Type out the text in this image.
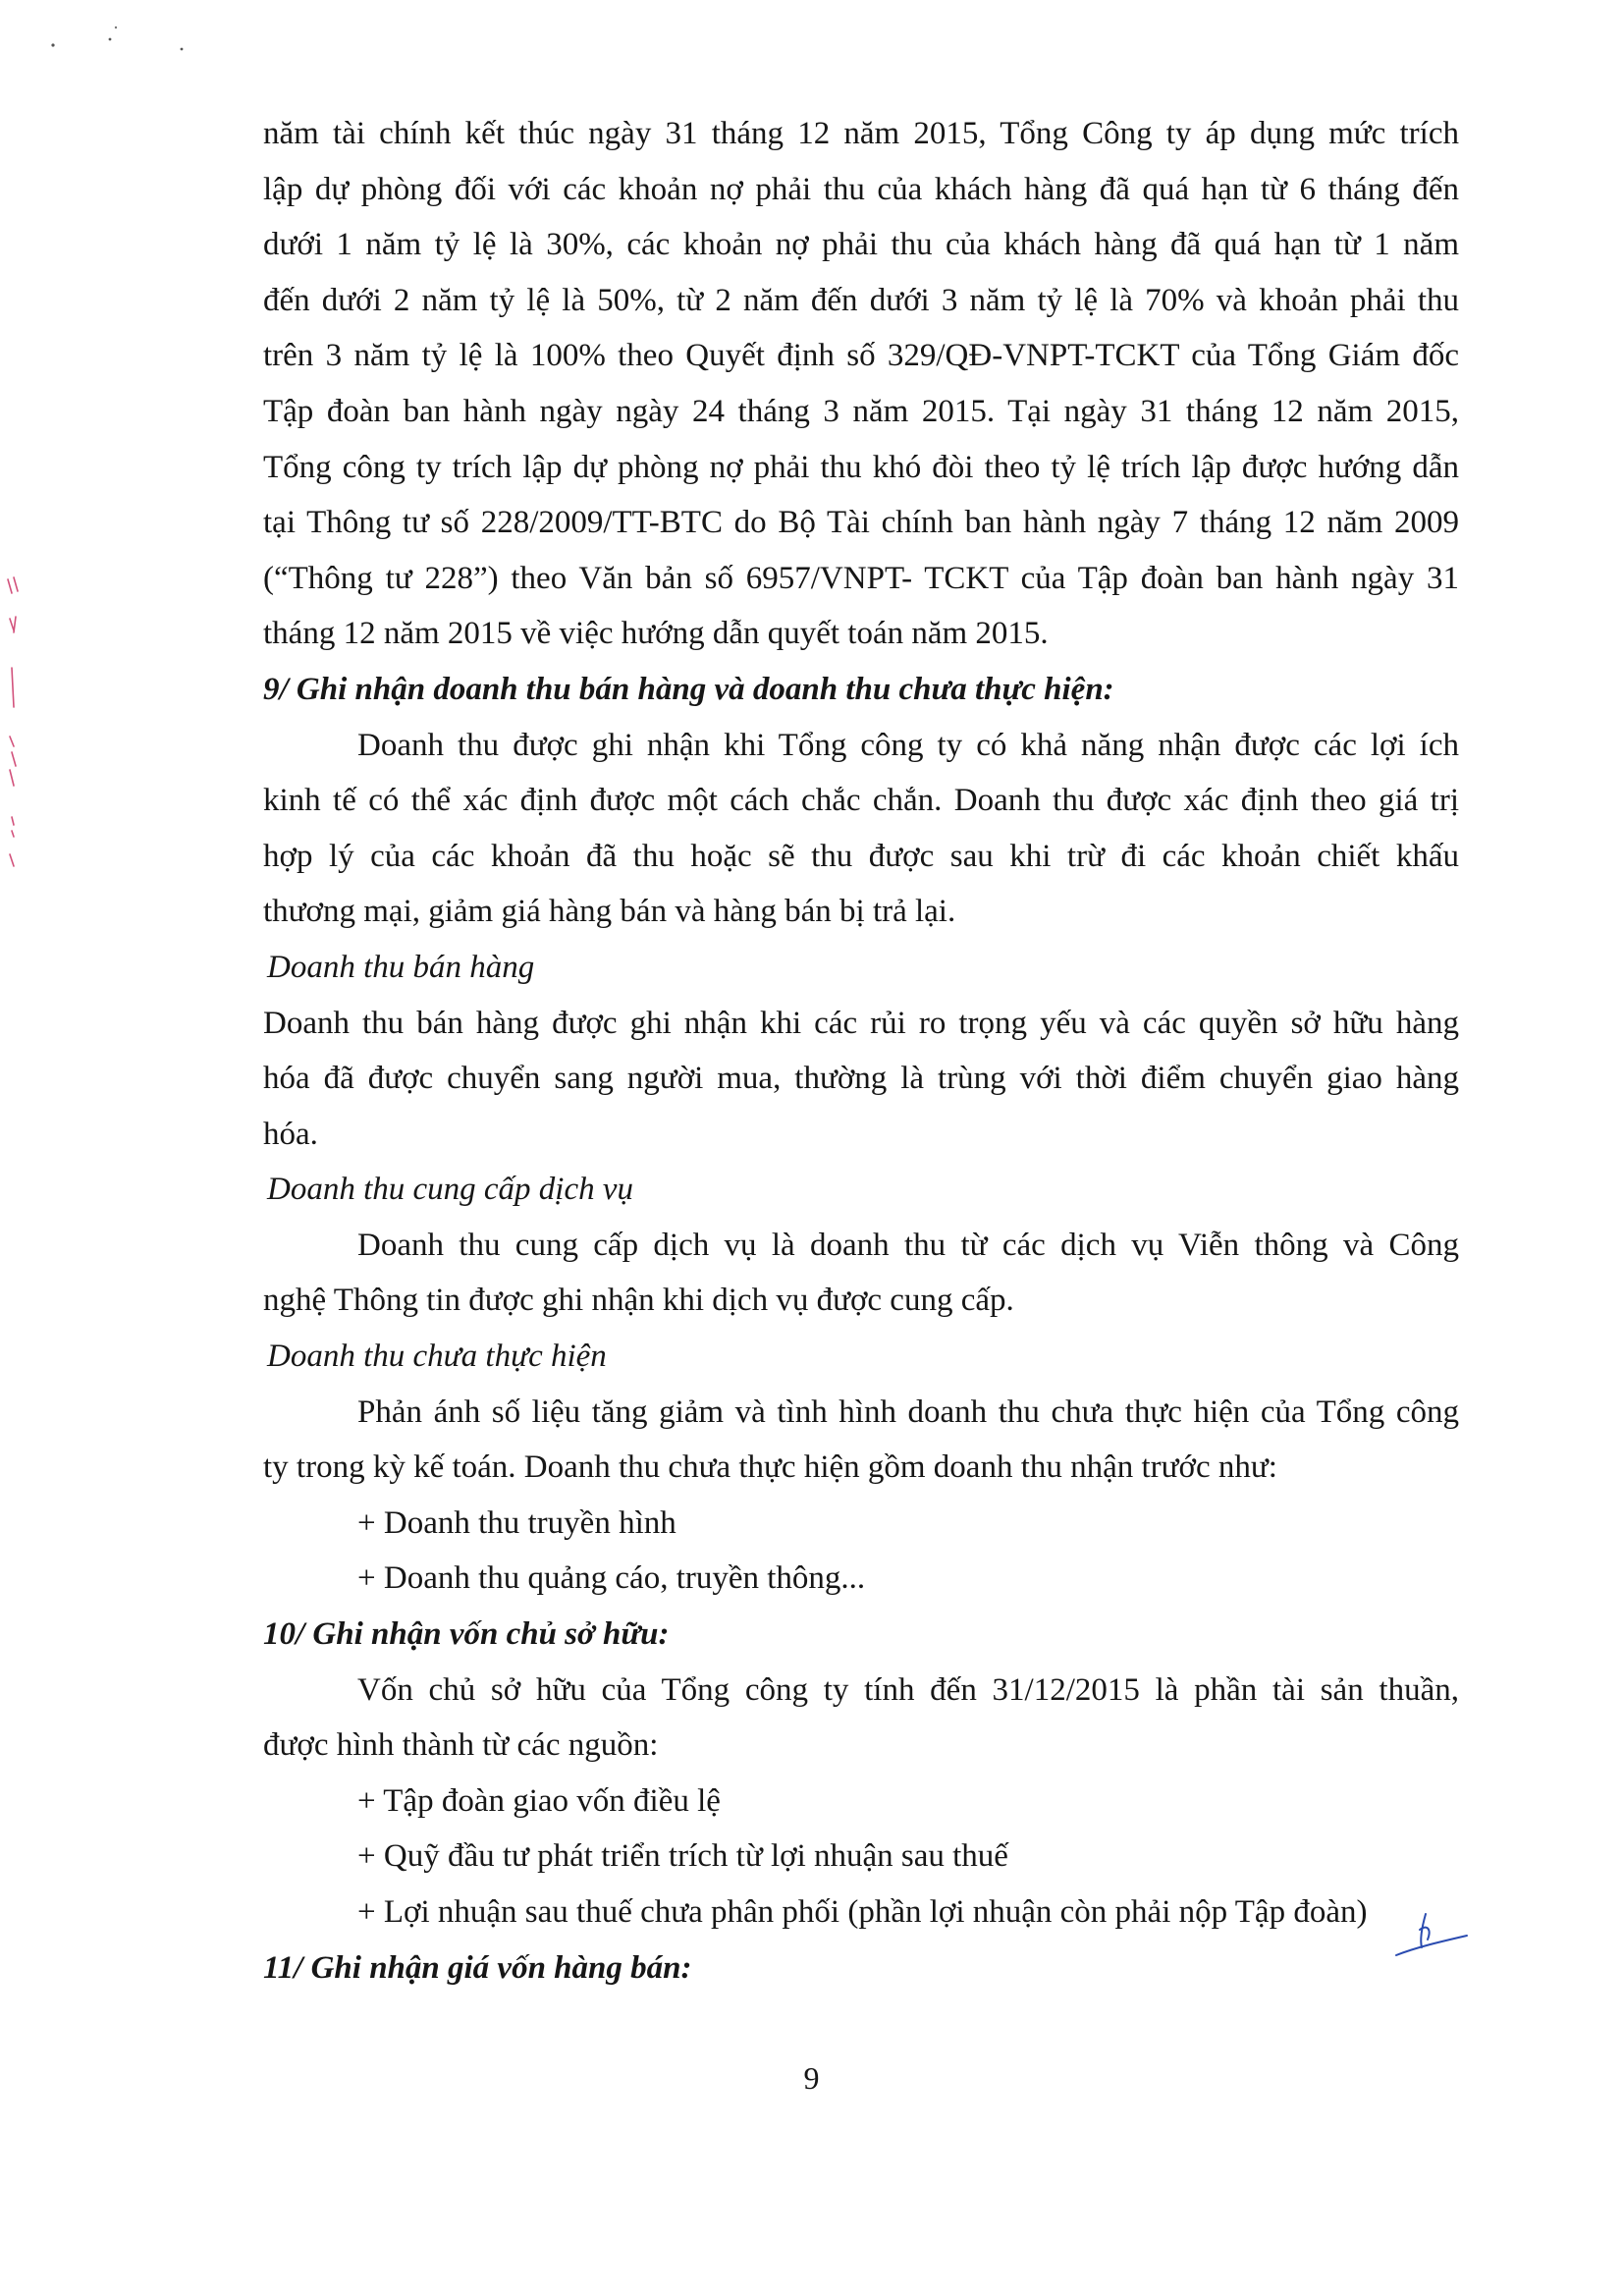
năm tài chính kết thúc ngày 31 tháng 12 năm 2015, Tổng Công ty áp dụng mức trích

lập dự phòng đối với các khoản nợ phải thu của khách hàng đã quá hạn từ 6 tháng đến

dưới 1 năm tỷ lệ là 30%, các khoản nợ phải thu của khách hàng đã quá hạn từ 1 năm

đến dưới 2 năm tỷ lệ là 50%, từ 2 năm đến dưới 3 năm tỷ lệ là 70% và khoản phải thu

trên 3 năm tỷ lệ là 100% theo Quyết định số 329/QĐ-VNPT-TCKT của Tổng Giám đốc

Tập đoàn ban hành ngày ngày 24 tháng 3 năm 2015. Tại ngày 31 tháng 12 năm 2015,

Tổng công ty trích lập dự phòng nợ phải thu khó đòi theo tỷ lệ trích lập được hướng dẫn

tại Thông tư số 228/2009/TT-BTC do Bộ Tài chính ban hành ngày 7 tháng 12 năm 2009

(“Thông tư 228”) theo Văn bản số 6957/VNPT- TCKT của Tập đoàn ban hành ngày 31

tháng 12 năm 2015 về việc hướng dẫn quyết toán năm 2015.

9/ Ghi nhận doanh thu bán hàng và doanh thu chưa thực hiện:

Doanh thu được ghi nhận khi Tổng công ty có khả năng nhận được các lợi ích

kinh tế có thể xác định được một cách chắc chắn. Doanh thu được xác định theo giá trị

hợp lý của các khoản đã thu hoặc sẽ thu được sau khi trừ đi các khoản chiết khấu

thương mại, giảm giá hàng bán và hàng bán bị trả lại.

Doanh thu bán hàng

Doanh thu bán hàng được ghi nhận khi các rủi ro trọng yếu và các quyền sở hữu hàng

hóa đã được chuyển sang người mua, thường là trùng với thời điểm chuyển giao hàng

hóa.

Doanh thu cung cấp dịch vụ

Doanh thu cung cấp dịch vụ là doanh thu từ các dịch vụ Viễn thông và Công

nghệ Thông tin được ghi nhận khi dịch vụ được cung cấp.

Doanh thu chưa thực hiện

Phản ánh số liệu tăng giảm và tình hình doanh thu chưa thực hiện của Tổng công

ty trong kỳ kế toán. Doanh thu chưa thực hiện gồm doanh thu nhận trước như:

+ Doanh thu truyền hình

+ Doanh thu quảng cáo, truyền thông...

10/ Ghi nhận vốn chủ sở hữu:

Vốn chủ sở hữu của Tổng công ty tính đến 31/12/2015 là phần tài sản thuần,

được hình thành từ các nguồn:

+ Tập đoàn giao vốn điều lệ

+ Quỹ đầu tư phát triển trích từ lợi nhuận sau thuế

+ Lợi nhuận sau thuế chưa phân phối (phần lợi nhuận còn phải nộp Tập đoàn)

11/ Ghi nhận giá vốn hàng bán:

9
